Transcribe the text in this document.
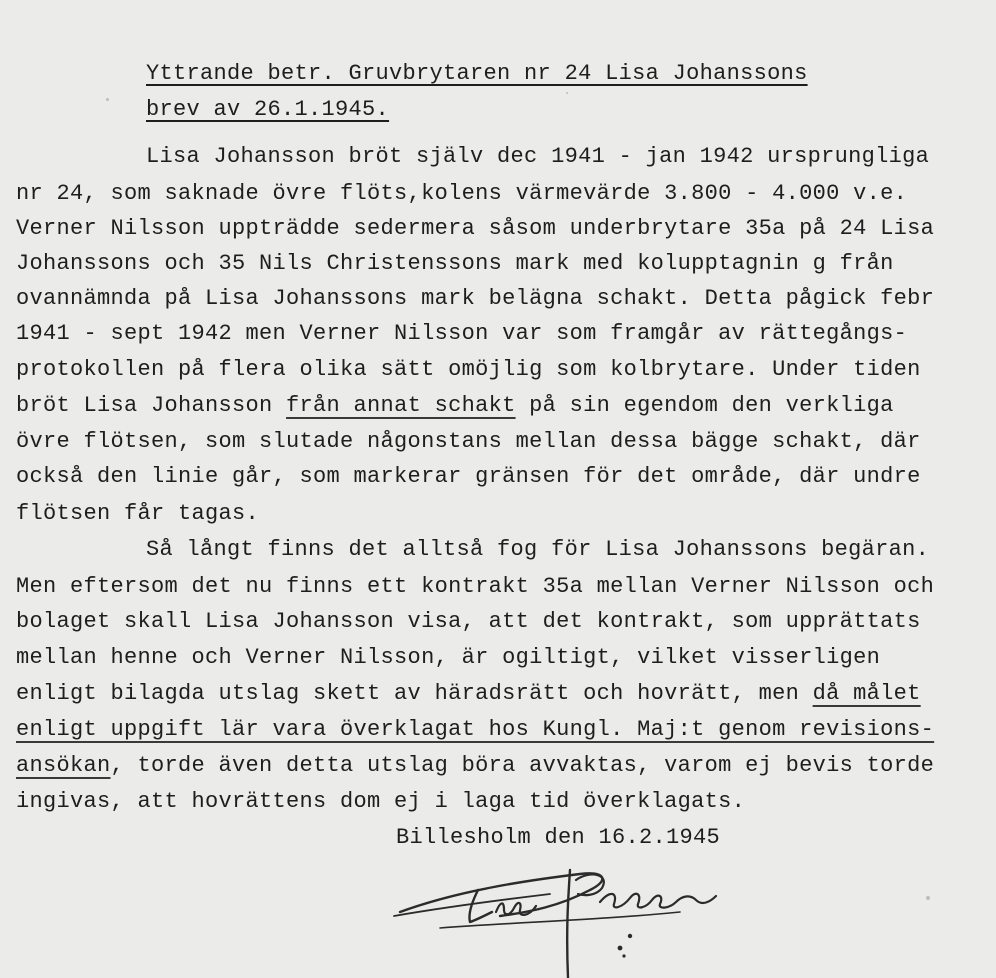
Yttrande betr. Gruvbrytaren nr 24 Lisa Johanssons
brev av 26.1.1945.
Lisa Johansson bröt själv dec 1941 - jan 1942 ursprungliga
nr 24, som saknade övre flöts,kolens värmevärde 3.800 - 4.000 v.e.
Verner Nilsson uppträdde sedermera såsom underbrytare 35a på 24 Lisa
Johanssons och 35 Nils Christenssons mark med kolupptagnin g från
ovannämnda på Lisa Johanssons mark belägna schakt. Detta pågick febr
1941 - sept 1942 men Verner Nilsson var som framgår av rättegångs-
protokollen på flera olika sätt omöjlig som kolbrytare. Under tiden
bröt Lisa Johansson från annat schakt på sin egendom den verkliga
övre flötsen, som slutade någonstans mellan dessa bägge schakt, där
också den linie går, som markerar gränsen för det område, där undre
flötsen får tagas.
Så långt finns det alltså fog för Lisa Johanssons begäran.
Men eftersom det nu finns ett kontrakt 35a mellan Verner Nilsson och
bolaget skall Lisa Johansson visa, att det kontrakt, som upprättats
mellan henne och Verner Nilsson, är ogiltigt, vilket visserligen
enligt bilagda utslag skett av häradsrätt och hovrätt, men då målet
enligt uppgift lär vara överklagat hos Kungl. Maj:t genom revisions-
ansökan, torde även detta utslag böra avvaktas, varom ej bevis torde
ingivas, att hovrättens dom ej i laga tid överklagats.
Billesholm den 16.2.1945
